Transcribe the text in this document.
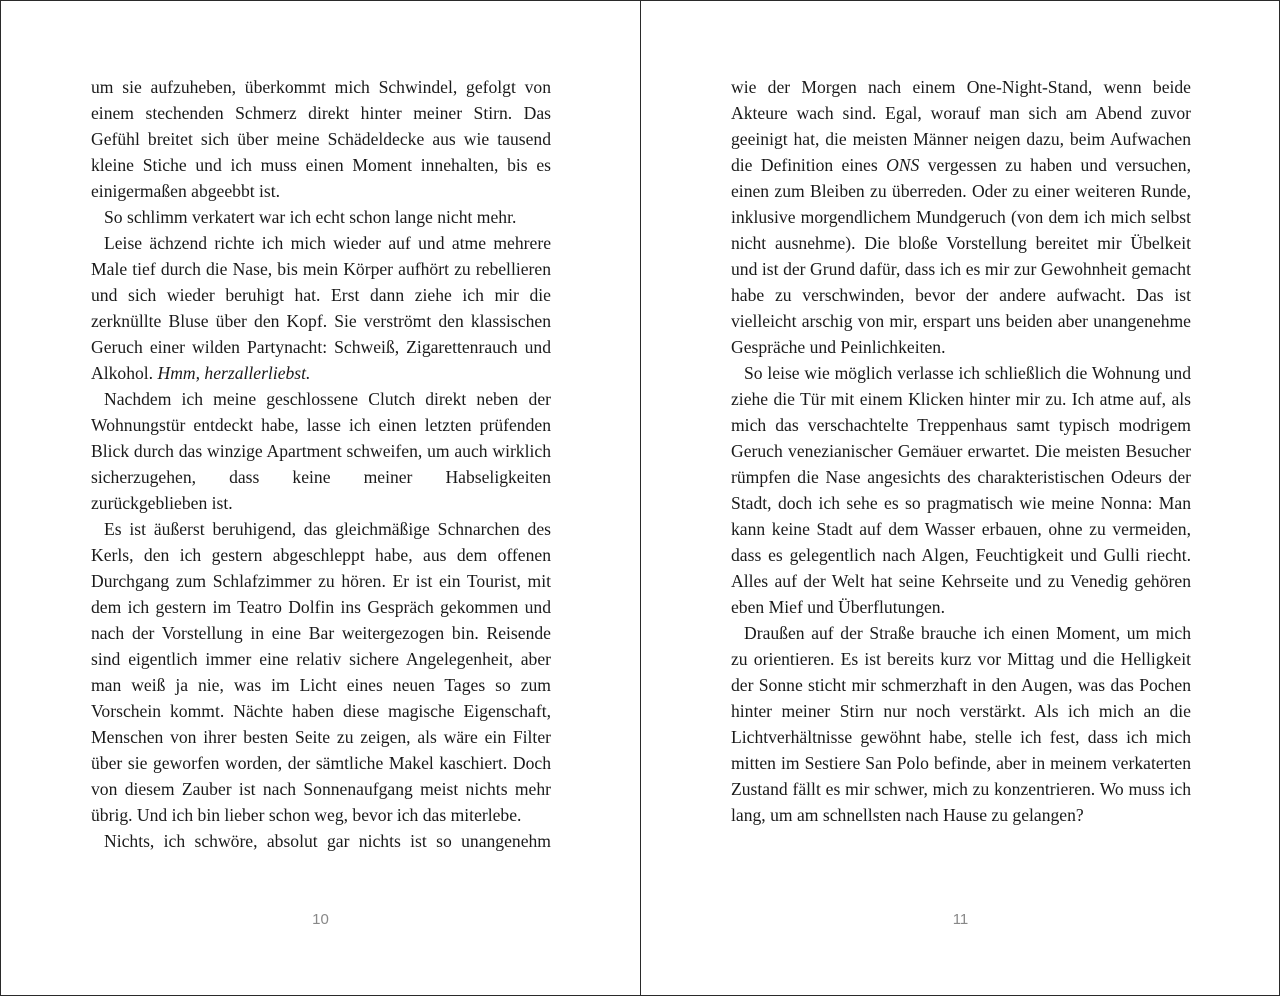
um sie aufzuheben, überkommt mich Schwindel, gefolgt von einem stechenden Schmerz direkt hinter meiner Stirn. Das Gefühl breitet sich über meine Schädeldecke aus wie tausend kleine Stiche und ich muss einen Moment innehalten, bis es einigermaßen abgeebbt ist.

So schlimm verkatert war ich echt schon lange nicht mehr.

Leise ächzend richte ich mich wieder auf und atme mehrere Male tief durch die Nase, bis mein Körper aufhört zu rebellieren und sich wieder beruhigt hat. Erst dann ziehe ich mir die zerknüllte Bluse über den Kopf. Sie verströmt den klassischen Geruch einer wilden Partynacht: Schweiß, Zigarettenrauch und Alkohol. Hmm, herzallerliebst.

Nachdem ich meine geschlossene Clutch direkt neben der Wohnungstür entdeckt habe, lasse ich einen letzten prüfenden Blick durch das winzige Apartment schweifen, um auch wirklich sicherzugehen, dass keine meiner Habseligkeiten zurückgeblieben ist.

Es ist äußerst beruhigend, das gleichmäßige Schnarchen des Kerls, den ich gestern abgeschleppt habe, aus dem offenen Durchgang zum Schlafzimmer zu hören. Er ist ein Tourist, mit dem ich gestern im Teatro Dolfin ins Gespräch gekommen und nach der Vorstellung in eine Bar weitergezogen bin. Reisende sind eigentlich immer eine relativ sichere Angelegenheit, aber man weiß ja nie, was im Licht eines neuen Tages so zum Vorschein kommt. Nächte haben diese magische Eigenschaft, Menschen von ihrer besten Seite zu zeigen, als wäre ein Filter über sie geworfen worden, der sämtliche Makel kaschiert. Doch von diesem Zauber ist nach Sonnenaufgang meist nichts mehr übrig. Und ich bin lieber schon weg, bevor ich das miterlebe.

Nichts, ich schwöre, absolut gar nichts ist so unangenehm

10

wie der Morgen nach einem One-Night-Stand, wenn beide Akteure wach sind. Egal, worauf man sich am Abend zuvor geeinigt hat, die meisten Männer neigen dazu, beim Aufwachen die Definition eines ONS vergessen zu haben und versuchen, einen zum Bleiben zu überreden. Oder zu einer weiteren Runde, inklusive morgendlichem Mundgeruch (von dem ich mich selbst nicht ausnehme). Die bloße Vorstellung bereitet mir Übelkeit und ist der Grund dafür, dass ich es mir zur Gewohnheit gemacht habe zu verschwinden, bevor der andere aufwacht. Das ist vielleicht arschig von mir, erspart uns beiden aber unangenehme Gespräche und Peinlichkeiten.

So leise wie möglich verlasse ich schließlich die Wohnung und ziehe die Tür mit einem Klicken hinter mir zu. Ich atme auf, als mich das verschachtelte Treppenhaus samt typisch modrigem Geruch venezianischer Gemäuer erwartet. Die meisten Besucher rümpfen die Nase angesichts des charakteristischen Odeurs der Stadt, doch ich sehe es so pragmatisch wie meine Nonna: Man kann keine Stadt auf dem Wasser erbauen, ohne zu vermeiden, dass es gelegentlich nach Algen, Feuchtigkeit und Gulli riecht. Alles auf der Welt hat seine Kehrseite und zu Venedig gehören eben Mief und Überflutungen.

Draußen auf der Straße brauche ich einen Moment, um mich zu orientieren. Es ist bereits kurz vor Mittag und die Helligkeit der Sonne sticht mir schmerzhaft in den Augen, was das Pochen hinter meiner Stirn nur noch verstärkt. Als ich mich an die Lichtverhältnisse gewöhnt habe, stelle ich fest, dass ich mich mitten im Sestiere San Polo befinde, aber in meinem verkaterten Zustand fällt es mir schwer, mich zu konzentrieren. Wo muss ich lang, um am schnellsten nach Hause zu gelangen?

11
